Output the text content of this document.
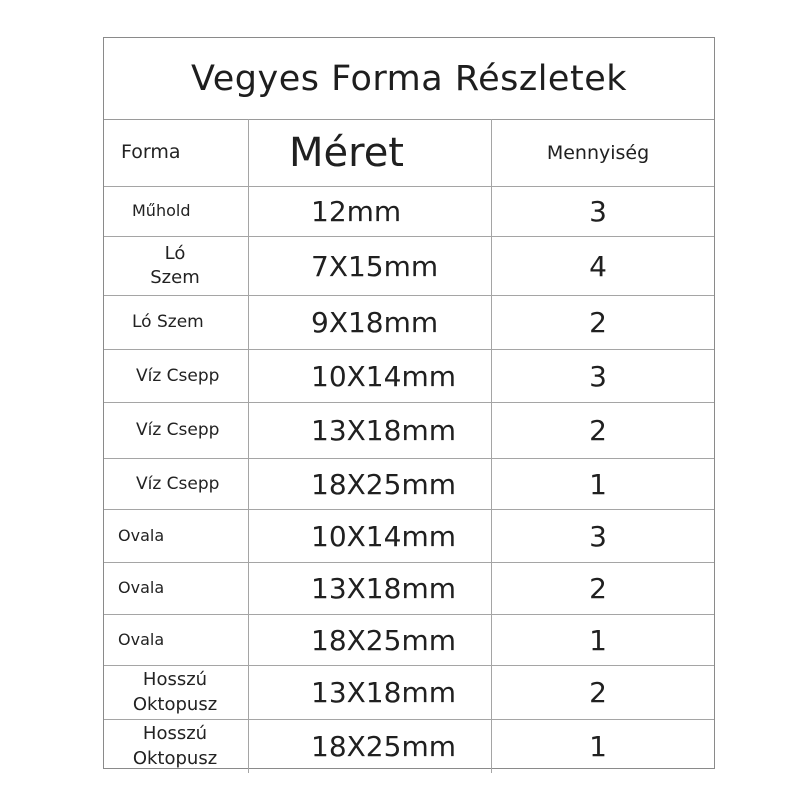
Vegyes Forma Részletek
Forma	Méret	Mennyiség
Műhold	12mm	3
Ló
Szem	7X15mm	4
Ló Szem	9X18mm	2
Víz Csepp	10X14mm	3
Víz Csepp	13X18mm	2
Víz Csepp	18X25mm	1
Ovala	10X14mm	3
Ovala	13X18mm	2
Ovala	18X25mm	1
Hosszú
Oktopusz	13X18mm	2
Hosszú
Oktopusz	18X25mm	1
